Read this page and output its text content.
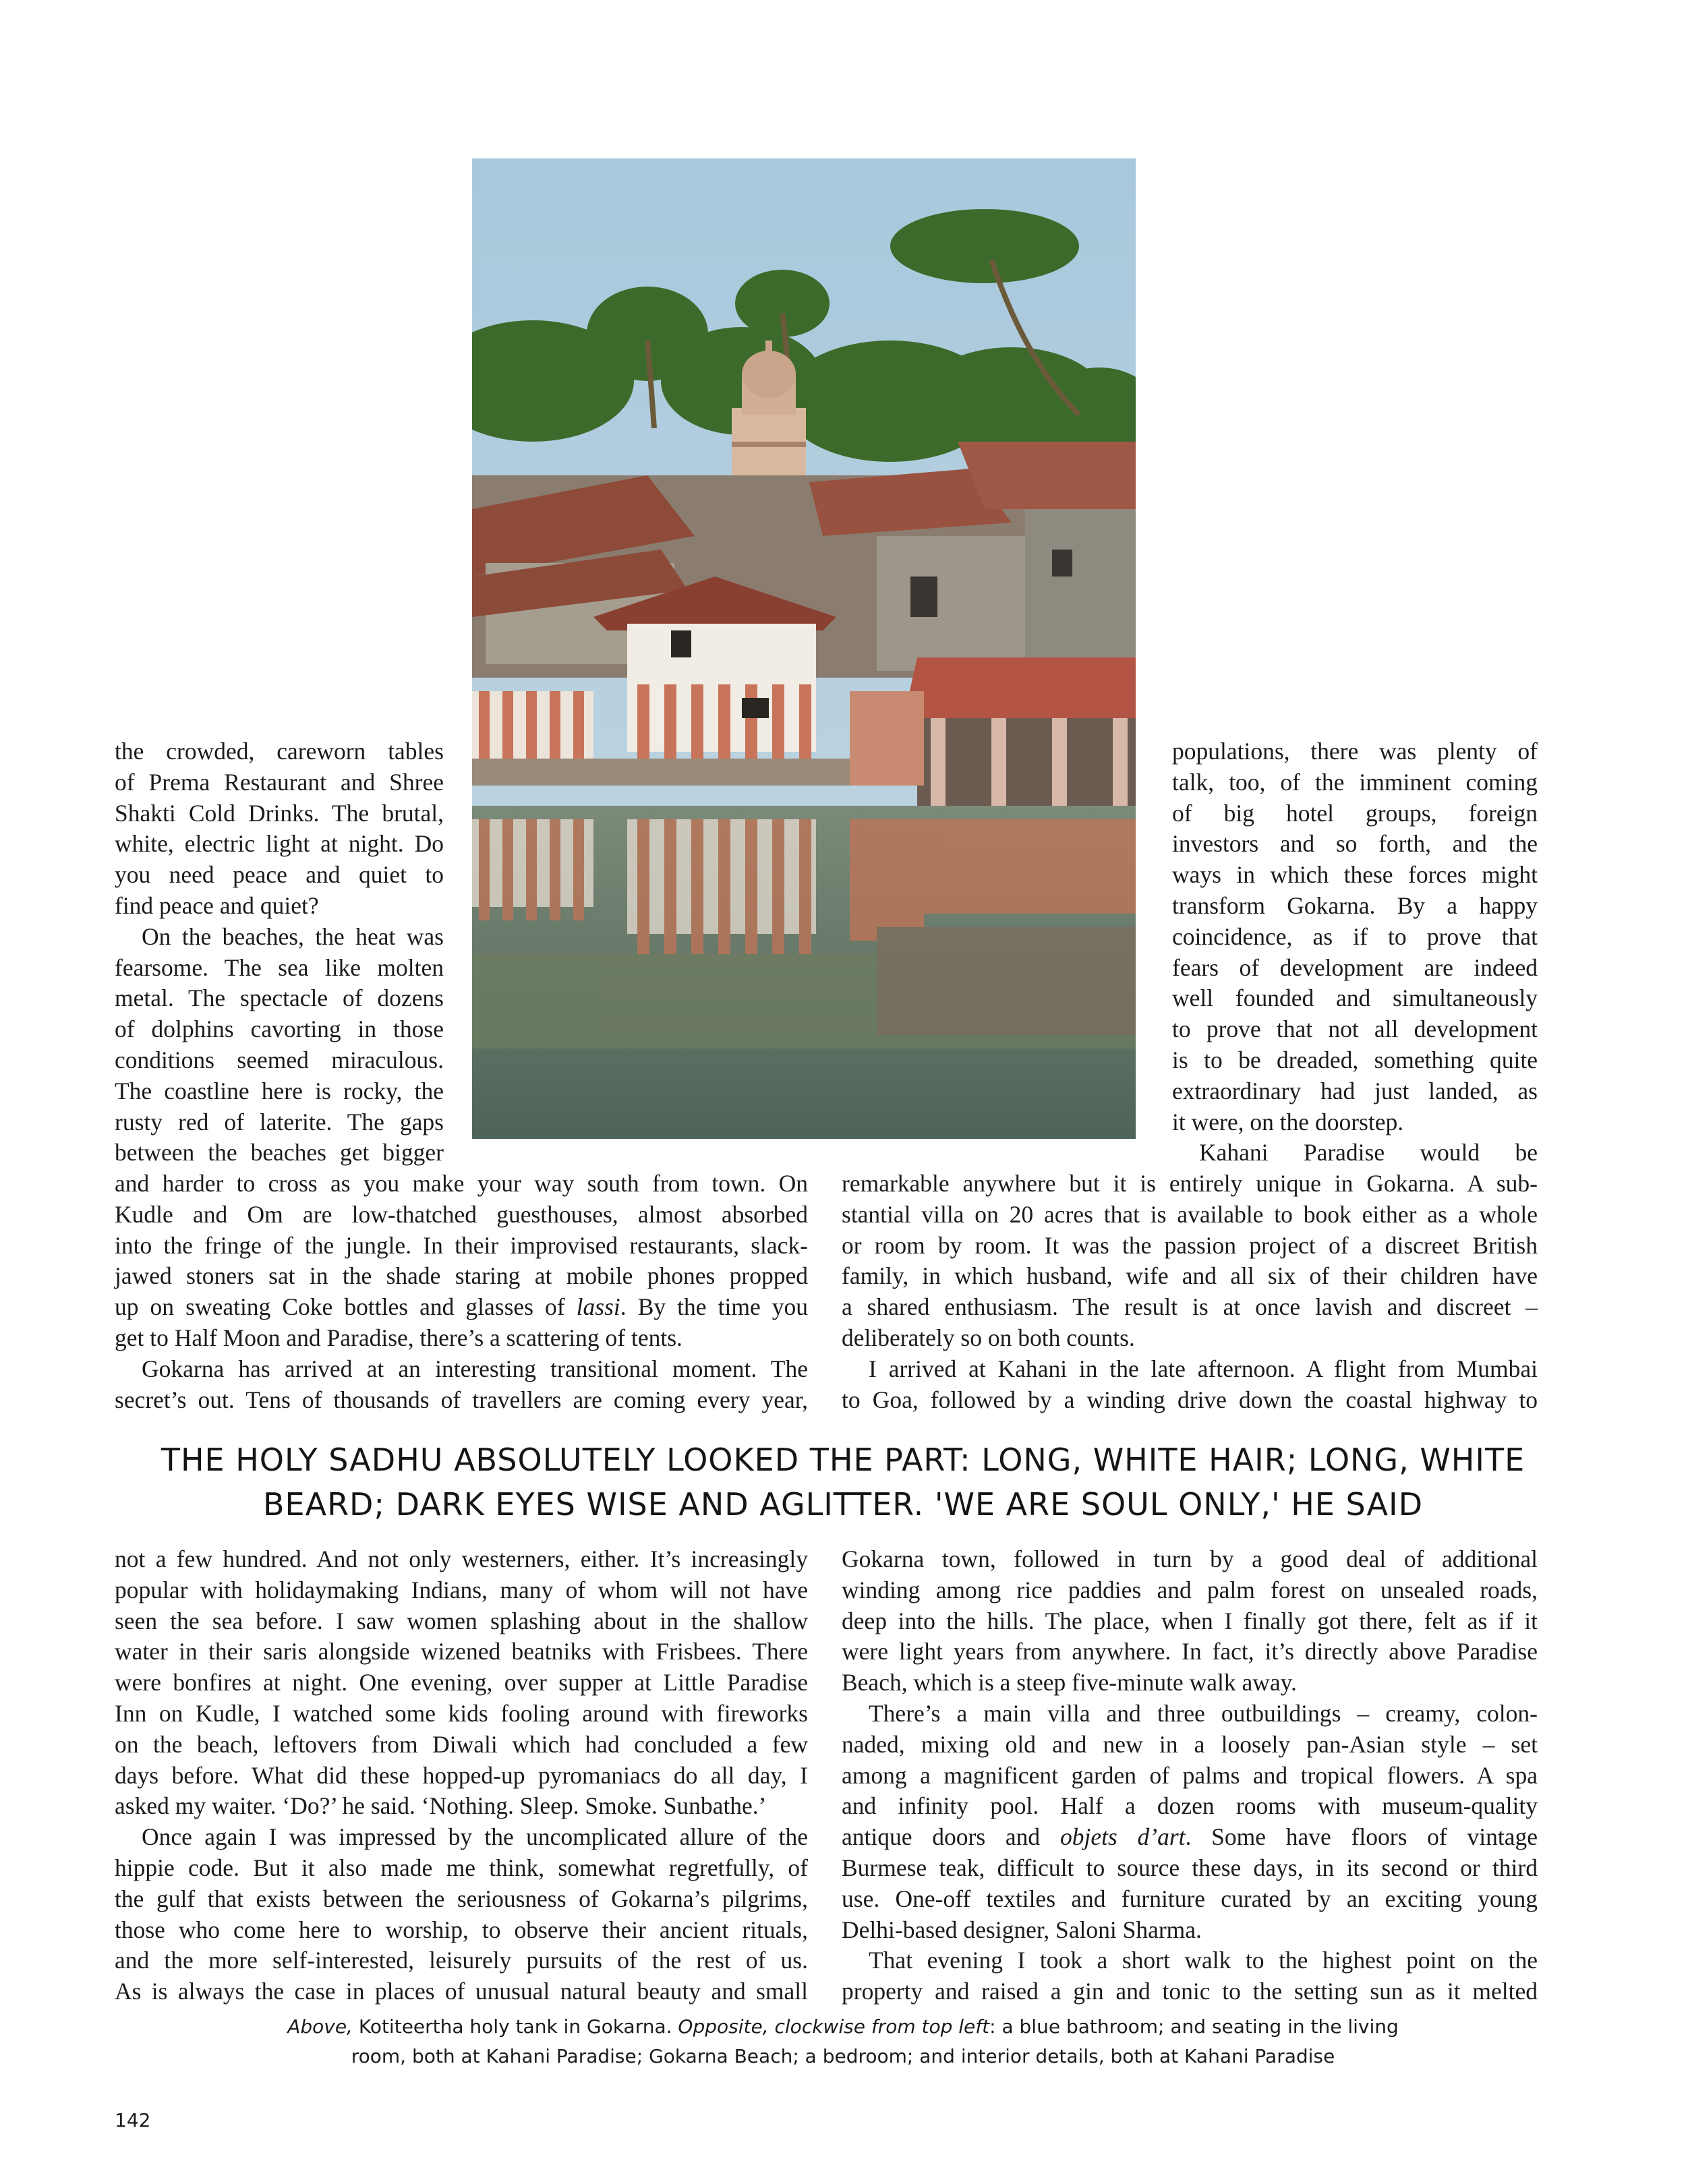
the crowded, careworn tables
of Prema Restaurant and Shree
Shakti Cold Drinks. The brutal,
white, electric light at night. Do
you need peace and quiet to
find peace and quiet?
On the beaches, the heat was
fearsome. The sea like molten
metal. The spectacle of dozens
of dolphins cavorting in those
conditions seemed miraculous.
The coastline here is rocky, the
rusty red of laterite. The gaps
between the beaches get bigger
populations, there was plenty of
talk, too, of the imminent coming
of big hotel groups, foreign
investors and so forth, and the
ways in which these forces might
transform Gokarna. By a happy
coincidence, as if to prove that
fears of development are indeed
well founded and simultaneously
to prove that not all development
is to be dreaded, something quite
extraordinary had just landed, as
it were, on the doorstep.
Kahani Paradise would be
and harder to cross as you make your way south from town. On
Kudle and Om are low-thatched guesthouses, almost absorbed
into the fringe of the jungle. In their improvised restaurants, slack-
jawed stoners sat in the shade staring at mobile phones propped
up on sweating Coke bottles and glasses of lassi. By the time you
get to Half Moon and Paradise, there’s a scattering of tents.
Gokarna has arrived at an interesting transitional moment. The
secret’s out. Tens of thousands of travellers are coming every year,
remarkable anywhere but it is entirely unique in Gokarna. A sub-
stantial villa on 20 acres that is available to book either as a whole
or room by room. It was the passion project of a discreet British
family, in which husband, wife and all six of their children have
a shared enthusiasm. The result is at once lavish and discreet –
deliberately so on both counts.
I arrived at Kahani in the late afternoon. A flight from Mumbai
to Goa, followed by a winding drive down the coastal highway to
THE HOLY SADHU ABSOLUTELY LOOKED THE PART: LONG, WHITE HAIR; LONG, WHITE
BEARD; DARK EYES WISE AND AGLITTER. 'WE ARE SOUL ONLY,' HE SAID
not a few hundred. And not only westerners, either. It’s increasingly
popular with holidaymaking Indians, many of whom will not have
seen the sea before. I saw women splashing about in the shallow
water in their saris alongside wizened beatniks with Frisbees. There
were bonfires at night. One evening, over supper at Little Paradise
Inn on Kudle, I watched some kids fooling around with fireworks
on the beach, leftovers from Diwali which had concluded a few
days before. What did these hopped-up pyromaniacs do all day, I
asked my waiter. ‘Do?’ he said. ‘Nothing. Sleep. Smoke. Sunbathe.’
Once again I was impressed by the uncomplicated allure of the
hippie code. But it also made me think, somewhat regretfully, of
the gulf that exists between the seriousness of Gokarna’s pilgrims,
those who come here to worship, to observe their ancient rituals,
and the more self-interested, leisurely pursuits of the rest of us.
As is always the case in places of unusual natural beauty and small
Gokarna town, followed in turn by a good deal of additional
winding among rice paddies and palm forest on unsealed roads,
deep into the hills. The place, when I finally got there, felt as if it
were light years from anywhere. In fact, it’s directly above Paradise
Beach, which is a steep five-minute walk away.
There’s a main villa and three outbuildings – creamy, colon-
naded, mixing old and new in a loosely pan-Asian style – set
among a magnificent garden of palms and tropical flowers. A spa
and infinity pool. Half a dozen rooms with museum-quality
antique doors and objets d’art. Some have floors of vintage
Burmese teak, difficult to source these days, in its second or third
use. One-off textiles and furniture curated by an exciting young
Delhi-based designer, Saloni Sharma.
That evening I took a short walk to the highest point on the
property and raised a gin and tonic to the setting sun as it melted
Above, Kotiteertha holy tank in Gokarna. Opposite, clockwise from top left: a blue bathroom; and seating in the living
room, both at Kahani Paradise; Gokarna Beach; a bedroom; and interior details, both at Kahani Paradise
142
